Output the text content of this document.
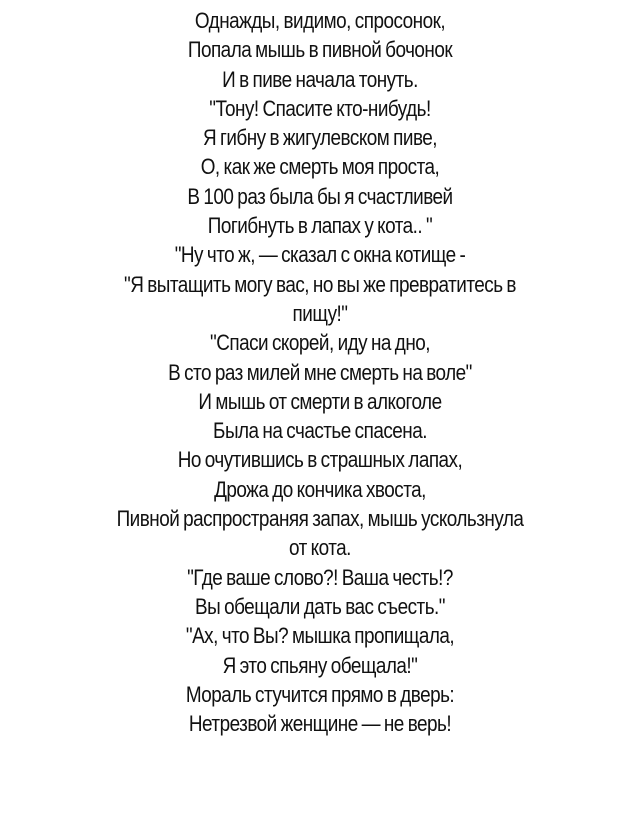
Однажды, видимо, спросонок,
Попала мышь в пивной бочонок
И в пиве начала тонуть.
"Тону! Спасите кто-нибудь!
Я гибну в жигулевском пиве,
О, как же смерть моя проста,
В 100 раз была бы я счастливей
Погибнуть в лапах у кота.. "
"Ну что ж, — сказал с окна котище -
"Я вытащить могу вас, но вы же превратитесь в
пищу!"
"Спаси скорей, иду на дно,
В сто раз милей мне смерть на воле"
И мышь от смерти в алкоголе
Была на счастье спасена.
Но очутившись в страшных лапах,
Дрожа до кончика хвоста,
Пивной распространяя запах, мышь ускользнула
от кота.
"Где ваше слово?! Ваша честь!?
Вы обещали дать вас съесть."
"Ах, что Вы? мышка пропищала,
Я это спьяну обещала!"
Мораль стучится прямо в дверь:
Нетрезвой женщине — не верь!
